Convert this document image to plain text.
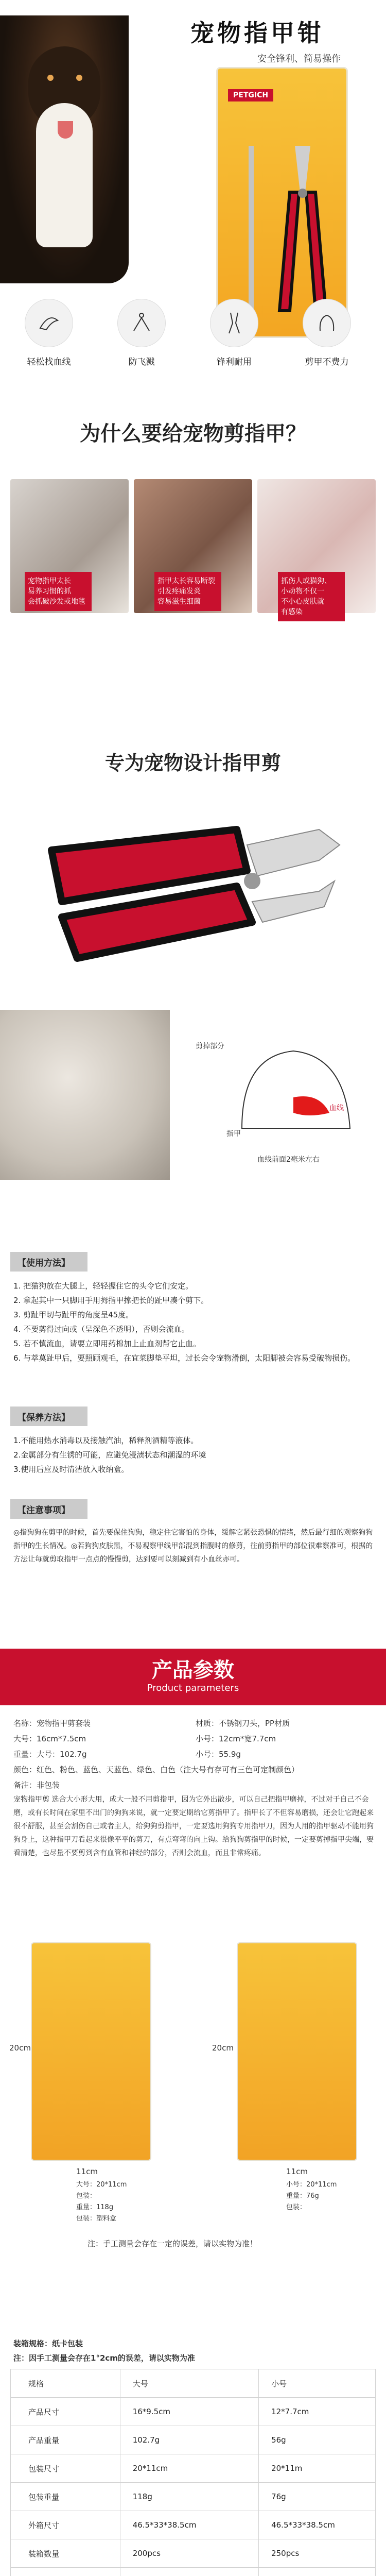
宠物指甲钳
安全锋利、简易操作
PETGICH
轻松找血线	防飞溅	锋利耐用	剪甲不费力
为什么要给宠物剪指甲？
宠物指甲太长
易养习惯的抓
会抓破沙发或地毯
指甲太长容易断裂
引发疼痛发炎
容易滋生细菌
抓伤人或猫狗、
小动物不仅一
不小心皮肤就
有感染
专为宠物设计指甲剪
剪掉部分
血线
指甲
血线前面2毫米左右
【使用方法】
1. 把猫狗放在大腿上，轻轻握住它的头令它们安定。
2. 拿起其中一只脚用手用拇指甲撑把长的趾甲凑个剪下。
3. 剪趾甲切与趾甲的角度呈45度。
4. 不要剪得过向或（呈深色不透明），否则会流血。
5. 若不慎流血，请要立即用药棉加上止血剂帮它止血。
6. 与萃莫趾甲后，要照顾观毛，在宜菜脚垫平坦，过长会令宠物滑倒，太阳脚被会容易受破物损伤。
【保养方法】
1.不能用热水消毒以及接触汽油，稀释剂酒精等液体。
2.金属部分有生锈的可能，应避免浸渍状态和潮湿的环境
3.使用后应及时清洁放入收纳盒。
【注意事项】
◎指狗狗在剪甲的时候，首先要保住狗狗，稳定住它害怕的身体，缓解它紧张恐惧的情绪，然后最行细的观察狗狗指甲的生长情况。◎若狗狗皮肤黑，不易观察甲线甲部混到指腹时的修剪，往前剪指甲的部位很难察准可，根据的方法让每就剪取指甲一点点的慢慢剪，达到要可以刻减到有小血丝亦可。
产品参数
Product parameters
名称：宠物指甲剪套装	材质：不锈钢刀头，PP材质
大号：16cm*7.5cm	小号：12cm*宽7.7cm
重量：大号：102.7g	小号：55.9g
颜色：红色、粉色、蓝色、天蓝色、绿色、白色（注大号有存可有三色可定制颜色）
备注：非包装
宠物指甲剪 选合大小形大用，成大一般不用剪指甲，因为它外出散步，可以自己把指甲磨掉，不过对于自己不会磨，或有长时间在家里不出门的狗狗来说，就一定要定期给它剪指甲了。指甲长了不但容易磨损，还会让它跑起来很不舒服，甚至会割伤自己或者主人，给狗狗剪指甲，一定要选用狗狗专用指甲刀，因为人用的指甲驱动不能用狗狗身上，这种指甲刀看起来很像平平的剪刀，有点弯弯的向上钩。给狗狗剪指甲的时候，一定要剪掉指甲尖端，要看清楚，也尽量不要剪到含有血管和神经的部分，否则会流血，而且非常疼痛。
20cm
11cm
大号：20*11cm
包装：
重量：118g
包装：塑料盒
20cm
11cm
小号：20*11cm
重量：76g
包装：
注：手工测量会存在一定的误差，请以实物为准！
装箱规格：纸卡包装
注：因手工测量会存在1°2cm的误差，请以实物为准
规格	大号	小号
产品尺寸	16*9.5cm	12*7.7cm
产品重量	102.7g	56g
包装尺寸	20*11cm	20*11m
包装重量	118g	76g
外箱尺寸	46.5*33*38.5cm	46.5*33*38.5cm
装箱数量	200pcs	250pcs
